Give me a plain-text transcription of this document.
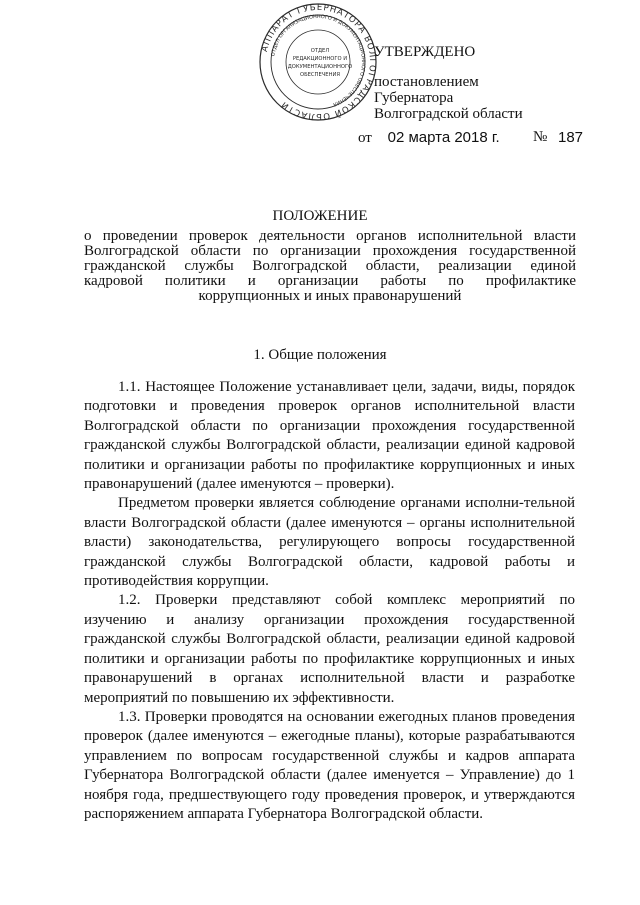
АППАРАТ ГУБЕРНАТОРА ВОЛГОГРАДСКОЙ ОБЛАСТИ
ОТДЕЛ ОРГАНИЗАЦИОННОГО И ДОКУМЕНТАЦИОННОГО ОБЕСПЕЧЕНИЯ
ОТДЕЛ
РЕДАКЦИОННОГО И
ДОКУМЕНТАЦИОННОГО
ОБЕСПЕЧЕНИЯ
УТВЕРЖДЕНО
постановлением
Губернатора
Волгоградской области
от 02 марта 2018 г. № 187
ПОЛОЖЕНИЕ
о проведении проверок деятельности органов исполнительной власти
Волгоградской области по организации прохождения государственной
гражданской службы Волгоградской области, реализации единой
кадровой политики и организации работы по профилактике
коррупционных и иных правонарушений
1. Общие положения

1.1. Настоящее Положение устанавливает цели, задачи, виды, порядок подготовки и проведения проверок органов исполнительной власти Волгоградской области по организации прохождения государственной гражданской службы Волгоградской области, реализации единой кадровой политики и организации работы по профилактике коррупционных и иных правонарушений (далее именуются – проверки).

Предметом проверки является соблюдение органами исполни-тельной власти Волгоградской области (далее именуются – органы исполнительной власти) законодательства, регулирующего вопросы государственной гражданской службы Волгоградской области, кадровой работы и противодействия коррупции.

1.2. Проверки представляют собой комплекс мероприятий по изучению и анализу организации прохождения государственной гражданской службы Волгоградской области, реализации единой кадровой политики и организации работы по профилактике коррупционных и иных правонарушений в органах исполнительной власти и разработке мероприятий по повышению их эффективности.

1.3. Проверки проводятся на основании ежегодных планов проведения проверок (далее именуются – ежегодные планы), которые разрабатываются управлением по вопросам государственной службы и кадров аппарата Губернатора Волгоградской области (далее именуется – Управление) до 1 ноября года, предшествующего году проведения проверок, и утверждаются распоряжением аппарата Губернатора Волгоградской области.
